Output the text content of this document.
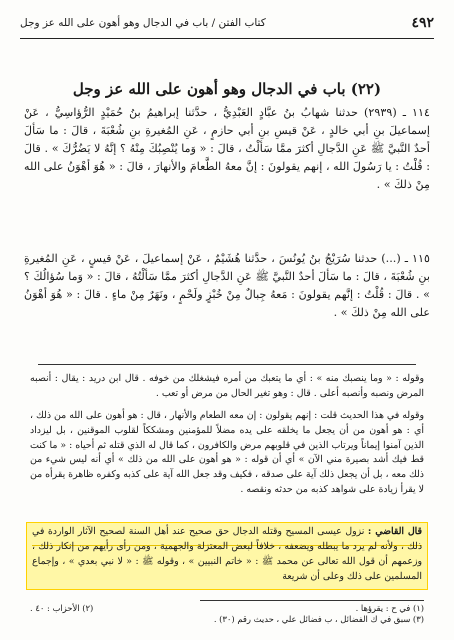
٤٩٢
كتاب الفتن / باب في الدجال وهو أهون على الله عز وجل
(٢٢) باب في الدجال وهو أهون على الله عز وجل
١١٤ ـ (٢٩٣٩) حدثنا شهابُ بنُ عبَّادٍ العَبْدِيُّ ، حدَّثنا إبراهيمُ بنُ حُمَيْدٍ الرُّؤاسِيُّ ، عَنْ إسماعيلَ بنِ أبي خالدٍ ، عَنْ قيسِ بنِ أبي حازمٍ ، عَنِ المُغيرةِ بنِ شُعْبَةَ ، قالَ : ما سَألَ أحدٌ النَّبيَّ ﷺ عَنِ الدَّجالِ أكثرَ ممَّا سَألْتُ ، قالَ : « وَما يُنْصِبُكَ مِنْهُ ؟ إنَّهُ لا يَضُرُّكَ » . قالَ : قُلْتُ : يا رَسُولَ الله ، إنهم يقولونَ : إنَّ معهُ الطَّعامَ والأنهارَ ، قالَ : « هُوَ أهْوَنُ على الله مِنْ ذلكَ » .
١١٥ ـ (...) حدثنا سُرَيْجُ بنُ يُونُسَ ، حدَّثنا هُشَيْمٌ ، عَنْ إسماعيلَ ، عَنْ قيسٍ ، عَنِ المُغيرةِ بنِ شُعْبَةَ ، قالَ : ما سَألَ أحدٌ النَّبيَّ ﷺ عَنِ الدَّجالِ أكثرَ ممَّا سَألْتُهُ ، قالَ : « وَما سُؤالُكَ ؟ » . قالَ : قُلْتُ : إنَّهم يقولونَ : مَعهُ جِبالٌ مِنْ خُبْزٍ ولَحْمٍ ، ونَهَرٌ مِنْ ماءٍ . قالَ : « هُوَ أهْوَنُ على الله مِنْ ذلكَ » .
وقوله : « وما ينصبك منه » : أي ما يتعبك من أمره فيشغلك من خوفه . قال ابن دريد : يقال : أنصبه المرض ونصبه وأنصبه أعلى . قال : وهو تغير الحال من مرض أو تعب .
وقوله في هذا الحديث قلت : إنهم يقولون : إن معه الطعام والأنهار ، قال : هو أهون على الله من ذلك ، أي : هو أهون من أن يجعل ما يخلقه على يده مضلاً للمؤمنين ومشككاً لقلوب الموقنين ، بل ليزداد الذين آمنوا إيماناً ويرتاب الذين في قلوبهم مرض والكافرون ، كما قال له الذي قتله ثم أحياه : « ما كنت قط فيك أشد بصيرة مني الآن » أي أن قوله : « هو أهون على الله من ذلك » أي أنه ليس شيء من ذلك معه ، بل أن يجعل ذلك آية على صدقه ، فكيف وقد جعل الله آية على كذبه وكفره ظاهرة يقرأه من لا يقرأ زيادة على شواهد كذبه من حدثه ونقصه .
قال القاضي : نزول عيسى المسيح وقتله الدجال حق صحيح عند أهل السنة لصحيح الآثار الواردة في ذلك ، ولأنه لم يرد ما يبطله ويضعفه ، خلافاً لبعض المعتزلة والجهمية ، ومن رأى رأيهم من إنكار ذلك ، وزعمهم أن قول الله تعالى عن محمد ﷺ : « خاتم النبيين » ، وقوله ﷺ : « لا نبي بعدي » ، وإجماع المسلمين على ذلك وعلى أن شريعة
(١) في ح : يقرؤها .
(٢) الأحزاب : ٤٠ .
(٣) سبق في ك الفضائل ، ب فضائل علي ، حديث رقم (٣٠) .
